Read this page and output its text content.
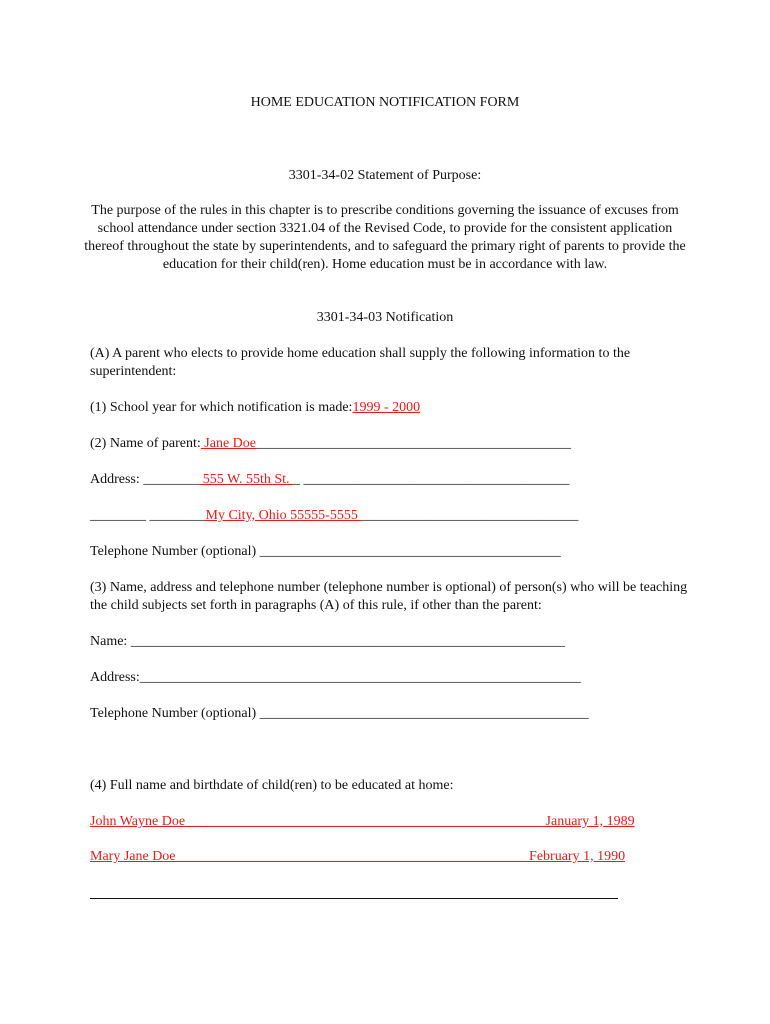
HOME EDUCATION NOTIFICATION FORM
3301-34-02 Statement of Purpose:
The purpose of the rules in this chapter is to prescribe conditions governing the issuance of excuses from school attendance under section 3321.04 of the Revised Code, to provide for the consistent application thereof throughout the state by superintendents, and to safeguard the primary right of parents to provide the education for their child(ren). Home education must be in accordance with law.
3301-34-03 Notification
(A) A parent who elects to provide home education shall supply the following information to the superintendent:
(1) School year for which notification is made:1999 - 2000
(2) Name of parent: Jane Doe_____________________________________________
Address: ________ 555 W. 55th St. _ ______________________________________
________ ________My City, Ohio 55555-5555 _______________________________
Telephone Number (optional) ___________________________________________
(3) Name, address and telephone number (telephone number is optional) of person(s) who will be teaching the child subjects set forth in paragraphs (A) of this rule, if other than the parent:
Name: ______________________________________________________________
Address:_______________________________________________________________
Telephone Number (optional) _______________________________________________
(4) Full name and birthdate of child(ren) to be educated at home:
John Wayne Doe __ ________________________________________________ January 1, 1989
Mary Jane Doe__________________________________________________ February 1, 1990
